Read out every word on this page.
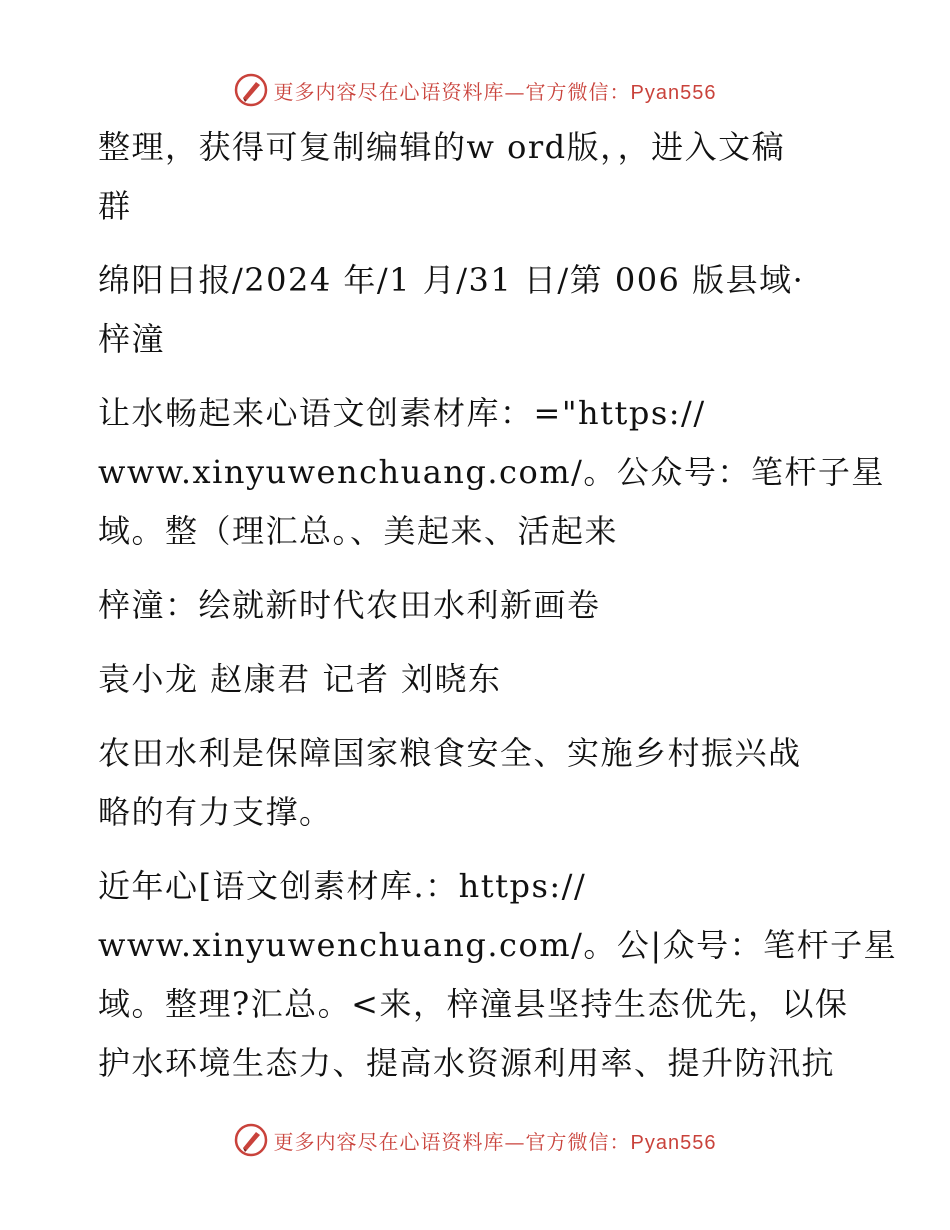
更多内容尽在心语资料库—官方微信：Pyan556
整理，获得可复制编辑的w ord版，，进入文稿
群
绵阳日报/2024 年/1 月/31 日/第 006 版县域·
梓潼
让水畅起来心语文创素材库：="https://
www.xinyuwenchuang.com/。公众号：笔杆子星
域。整（理汇总。、美起来、活起来
梓潼：绘就新时代农田水利新画卷
袁小龙 赵康君 记者 刘晓东
农田水利是保障国家粮食安全、实施乡村振兴战
略的有力支撑。
近年心[语文创素材库.：https://
www.xinyuwenchuang.com/。公|众号：笔杆子星
域。整理?汇总。<来，梓潼县坚持生态优先，以保
护水环境生态力、提高水资源利用率、提升防汛抗
更多内容尽在心语资料库—官方微信：Pyan556
